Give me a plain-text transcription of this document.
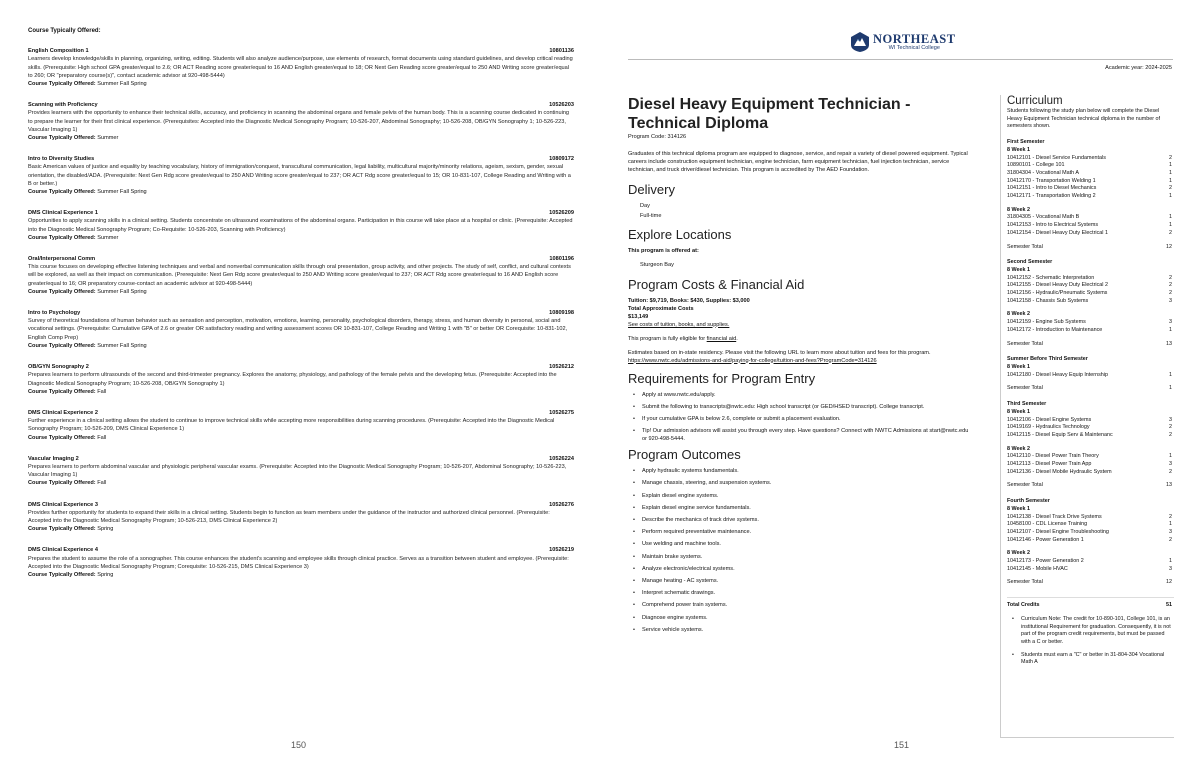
Course Typically Offered:
English Composition 1	10801136
Learners develop knowledge/skills in planning, organizing, writing, editing. Students will also analyze audience/purpose, use elements of research, format documents using standard guidelines, and develop critical reading skills. (Prerequisite: High school GPA greater/equal to 2.6; OR ACT Reading score greater/equal to 16 AND English greater/equal to 18; OR Next Gen Reading score greater/equal to 250 AND Writing score greater/equal to 260; OR "preparatory course(s)", contact academic advisor at 920-498-5444)
Course Typically Offered: Summer Fall Spring
Scanning with Proficiency	10526203
Provides learners with the opportunity to enhance their technical skills, accuracy, and proficiency in scanning the abdominal organs and female pelvis of the human body. This is a scanning course dedicated in continuing to prepare the learner for their first clinical experience. (Prerequisites: Accepted into the Diagnostic Medical Sonography Program; 10-526-207, Abdominal Sonography; 10-526-208, OB/GYN Sonography 1; 10-526-223, Vascular Imaging 1)
Course Typically Offered: Summer
Intro to Diversity Studies	10809172
Basic American values of justice and equality by teaching vocabulary, history of immigration/conquest, transcultural communication, legal liability, multicultural majority/minority relations, ageism, sexism, gender, sexual orientation, the disabled/ADA. (Prerequisite: Next Gen Rdg score greater/equal to 250 AND Writing score greater/equal to 237; OR ACT Rdg score greater/equal to 15; OR 10-831-107, College Reading and Writing with a B or better.)
Course Typically Offered: Summer Fall Spring
DMS Clinical Experience 1	10526209
Opportunities to apply scanning skills in a clinical setting. Students concentrate on ultrasound examinations of the abdominal organs. Participation in this course will take place at a hospital or clinic. (Prerequisite: Accepted into the Diagnostic Medical Sonography Program; Co-Requisite: 10-526-203, Scanning with Proficiency)
Course Typically Offered: Summer
Oral/Interpersonal Comm	10801196
This course focuses on developing effective listening techniques and verbal and nonverbal communication skills through oral presentation, group activity, and other projects. The study of self, conflict, and cultural contexts will be explored, as well as their impact on communication. (Prerequisite: Next Gen Rdg score greater/equal to 250 AND Writing score greater/equal to 237; OR ACT Rdg score greater/equal to 16 AND English score greater/equal to 16; OR preparatory course-contact an academic advisor at 920-498-5444)
Course Typically Offered: Summer Fall Spring
Intro to Psychology	10809198
Survey of theoretical foundations of human behavior such as sensation and perception, motivation, emotions, learning, personality, psychological disorders, therapy, stress, and human diversity in personal, social and vocational settings. (Prerequisite: Cumulative GPA of 2.6 or greater OR satisfactory reading and writing assessment scores OR 10-831-107, College Reading and Writing 1 with "B" or better OR Corequisite: 10-831-102, English Comp Prep)
Course Typically Offered: Summer Fall Spring
OB/GYN Sonography 2	10526212
Prepares learners to perform ultrasounds of the second and third-trimester pregnancy. Explores the anatomy, physiology, and pathology of the female pelvis and the developing fetus. (Prerequisite: Accepted into the Diagnostic Medical Sonography Program; 10-526-208, OB/GYN Sonography 1)
Course Typically Offered: Fall
DMS Clinical Experience 2	10526275
Further experience in a clinical setting allows the student to continue to improve technical skills while accepting more responsibilities during scanning procedures. (Prerequisite: Accepted into the Diagnostic Medical Sonography Program; 10-526-209, DMS Clinical Experience 1)
Course Typically Offered: Fall
Vascular Imaging 2	10526224
Prepares learners to perform abdominal vascular and physiologic peripheral vascular exams. (Prerequisite: Accepted into the Diagnostic Medical Sonography Program; 10-526-207, Abdominal Sonography; 10-526-223, Vascular Imaging 1)
Course Typically Offered: Fall
DMS Clinical Experience 3	10526276
Provides further opportunity for students to expand their skills in a clinical setting. Students begin to function as team members under the guidance of the instructor and authorized clinical personnel. (Prerequisite: Accepted into the Diagnostic Medical Sonography Program; 10-526-213, DMS Clinical Experience 2)
Course Typically Offered: Spring
DMS Clinical Experience 4	10526219
Prepares the student to assume the role of a sonographer. This course enhances the student's scanning and employee skills through clinical practice. Serves as a transition between student and employee. (Prerequisite: Accepted into the Diagnostic Medical Sonography Program; Corequisite: 10-526-215, DMS Clinical Experience 3)
Course Typically Offered: Spring
150
NORTHEAST
WI Technical College
Academic year: 2024-2025
Diesel Heavy Equipment Technician - Technical Diploma
Program Code: 314126
Graduates of this technical diploma program are equipped to diagnose, service, and repair a variety of diesel powered equipment. Typical careers include construction equipment technician, engine technician, farm equipment technician, fuel injection technician, service technician, and truck driver/diesel technician. This program is accredited by The AED Foundation.
Delivery
Day
Full-time
Explore Locations
This program is offered at:
Sturgeon Bay
Program Costs & Financial Aid
Tuition: $9,719, Books: $430, Supplies: $3,000
Total Approximate Costs
$13,149
See costs of tuition, books, and supplies.
This program is fully eligible for financial aid.
Estimates based on in-state residency. Please visit the following URL to learn more about tuition and fees for this program.
https://www.nwtc.edu/admissions-and-aid/paying-for-college/tuition-and-fees?ProgramCode=314126
Requirements for Program Entry
• Apply at www.nwtc.edu/apply.
• Submit the following to transcripts@nwtc.edu: High school transcript (or GED/HSED transcript). College transcript.
• If your cumulative GPA is below 2.6, complete or submit a placement evaluation.
• Tip! Our admission advisors will assist you through every step. Have questions? Connect with NWTC Admissions at start@nwtc.edu or 920-498-5444.
Program Outcomes
• Apply hydraulic systems fundamentals.
• Manage chassis, steering, and suspension systems.
• Explain diesel engine systems.
• Explain diesel engine service fundamentals.
• Describe the mechanics of track drive systems.
• Perform required preventative maintenance.
• Use welding and machine tools.
• Maintain brake systems.
• Analyze electronic/electrical systems.
• Manage heating - AC systems.
• Interpret schematic drawings.
• Comprehend power train systems.
• Diagnose engine systems.
• Service vehicle systems.
Curriculum
Students following the study plan below will complete the Diesel Heavy Equipment Technician technical diploma in the number of semesters shown.
First Semester
8 Week 1
10412101 - Diesel Service Fundamentals	2
10890101 - College 101	1
31804304 - Vocational Math A	1
10412170 - Transportation Welding 1	1
10412151 - Intro to Diesel Mechanics	2
10412171 - Transportation Welding 2	1
8 Week 2
31804305 - Vocational Math B	1
10412153 - Intro to Electrical Systems	1
10412154 - Diesel Heavy Duty Electrical 1	2
Semester Total	12
Second Semester
8 Week 1
10412152 - Schematic Interpretation	2
10412155 - Diesel Heavy Duty Electrical 2	2
10412156 - Hydraulic/Pneumatic Systems	2
10412158 - Chassis Sub Systems	3
8 Week 2
10412159 - Engine Sub Systems	3
10412172 - Introduction to Maintenance	1
Semester Total	13
Summer Before Third Semester
8 Week 1
10412180 - Diesel Heavy Equip Internship	1
Semester Total	1
Third Semester
8 Week 1
10412106 - Diesel Engine Systems	3
10419169 - Hydraulics Technology	2
10412115 - Diesel Equip Serv & Maintenanc	2
8 Week 2
10412110 - Diesel Power Train Theory	1
10412113 - Diesel Power Train App	3
10412136 - Diesel Mobile Hydraulic System	2
Semester Total	13
Fourth Semester
8 Week 1
10412138 - Diesel Track Drive Systems	2
10458100 - CDL License Training	1
10412107 - Diesel Engine Troubleshooting	3
10412146 - Power Generation 1	2
8 Week 2
10412173 - Power Generation 2	1
10412145 - Mobile HVAC	3
Semester Total	12
Total Credits	51
• Curriculum Note: The credit for 10-890-101, College 101, is an institutional Requirement for graduation. Consequently, it is not part of the program credit requirements, but must be passed with a C or better.
• Students must earn a "C" or better in 31-804-304 Vocational Math A
151
